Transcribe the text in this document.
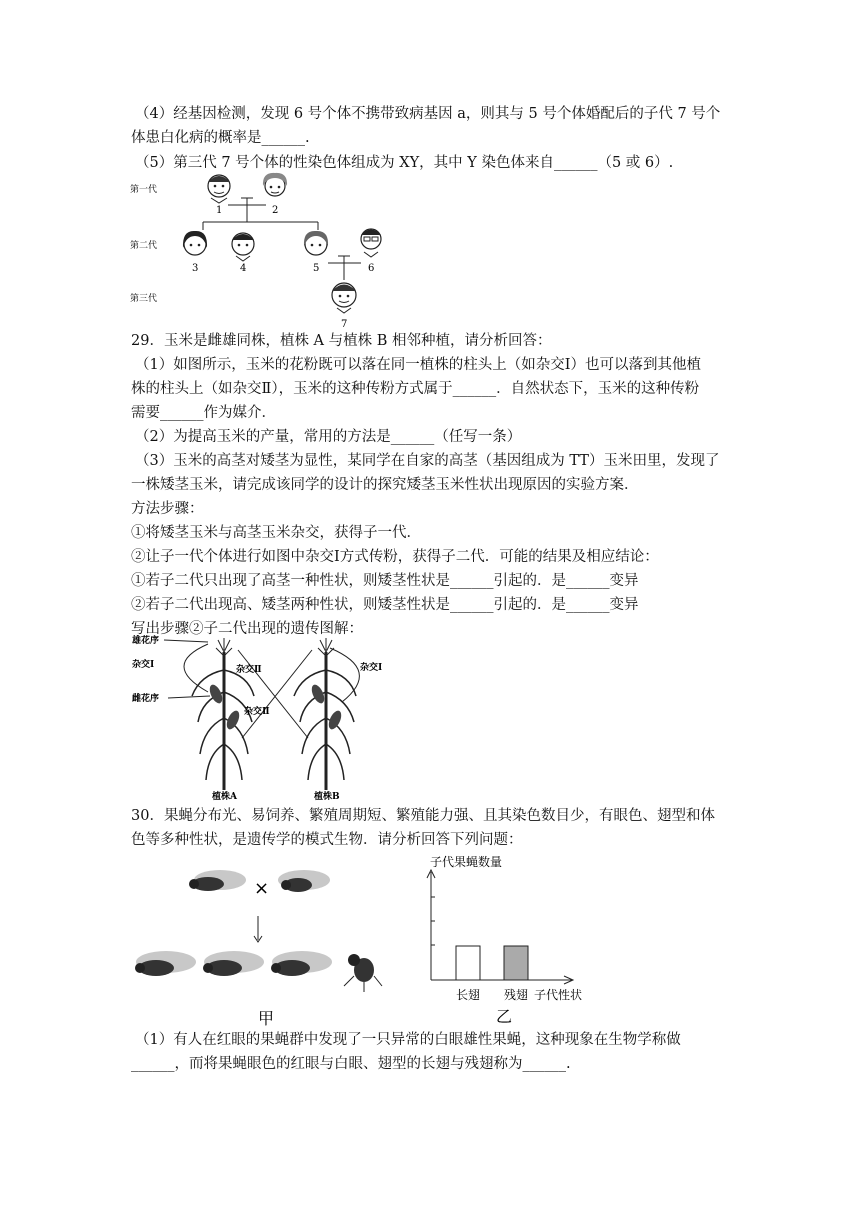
（4）经基因检测，发现 6 号个体不携带致病基因 a，则其与 5 号个体婚配后的子代 7 号个
体患白化病的概率是______.
（5）第三代 7 号个体的性染色体组成为 XY，其中 Y 染色体来自______（5 或 6）.
第一代
第二代
第三代
1	2
3	4	5	6
7
29．玉米是雌雄同株，植株 A 与植株 B 相邻种植，请分析回答：
（1）如图所示，玉米的花粉既可以落在同一植株的柱头上（如杂交Ⅰ）也可以落到其他植
株的柱头上（如杂交Ⅱ），玉米的这种传粉方式属于______．自然状态下，玉米的这种传粉
需要______作为媒介．
（2）为提高玉米的产量，常用的方法是______（任写一条）
（3）玉米的高茎对矮茎为显性，某同学在自家的高茎（基因组成为 TT）玉米田里，发现了
一株矮茎玉米，请完成该同学的设计的探究矮茎玉米性状出现原因的实验方案．
方法步骤：
①将矮茎玉米与高茎玉米杂交，获得子一代．
②让子一代个体进行如图中杂交Ⅰ方式传粉，获得子二代．可能的结果及相应结论：
①若子二代只出现了高茎一种性状，则矮茎性状是______引起的．是______变异
②若子二代出现高、矮茎两种性状，则矮茎性状是______引起的．是______变异
写出步骤②子二代出现的遗传图解：
雄花序
杂交Ⅰ
雌花序
杂交Ⅱ
杂交Ⅱ
杂交Ⅰ
植株A	植株B
30．果蝇分布光、易饲养、繁殖周期短、繁殖能力强、且其染色数目少，有眼色、翅型和体
色等多种性状，是遗传学的模式生物．请分析回答下列问题：
×
甲
子代果蝇数量
长翅 残翅 子代性状
乙
（1）有人在红眼的果蝇群中发现了一只异常的白眼雄性果蝇，这种现象在生物学称做
______，而将果蝇眼色的红眼与白眼、翅型的长翅与残翅称为______.
